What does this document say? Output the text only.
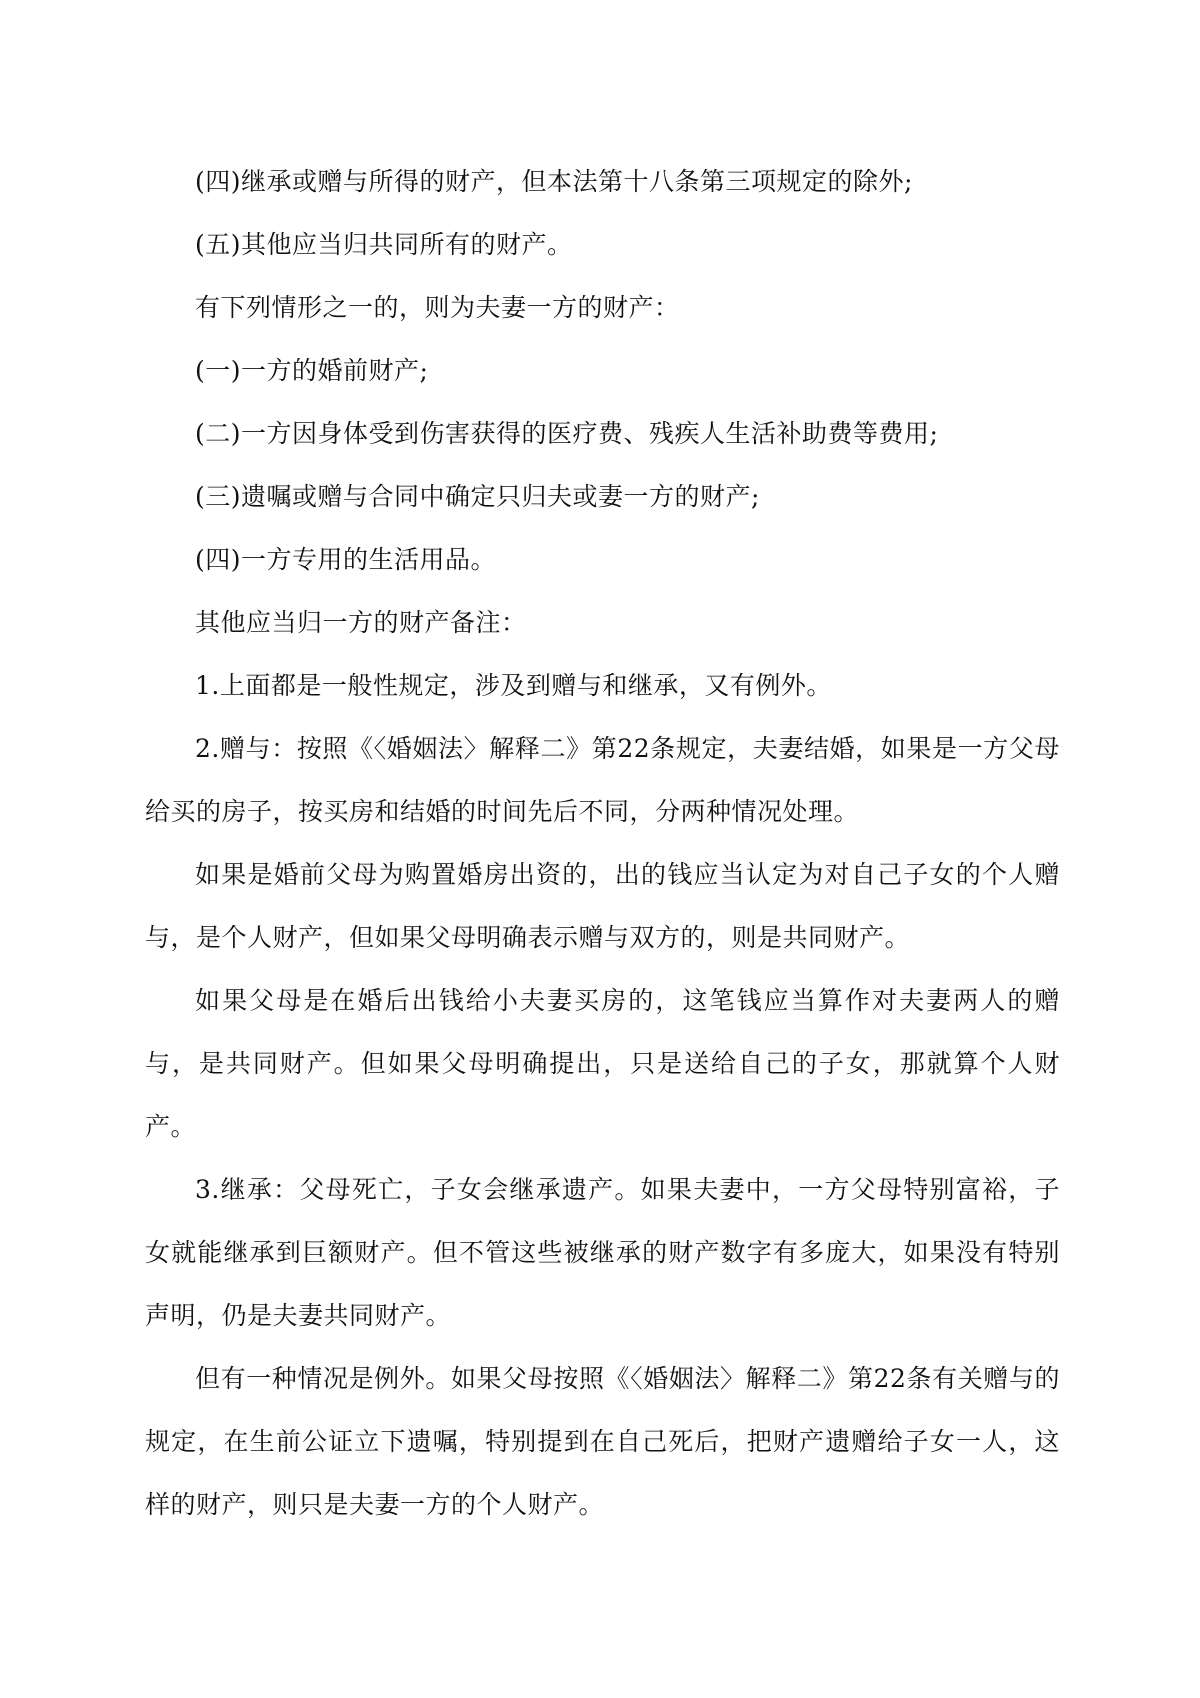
(四)继承或赠与所得的财产，但本法第十八条第三项规定的除外;

(五)其他应当归共同所有的财产。

有下列情形之一的，则为夫妻一方的财产：

(一)一方的婚前财产;

(二)一方因身体受到伤害获得的医疗费、残疾人生活补助费等费用;

(三)遗嘱或赠与合同中确定只归夫或妻一方的财产;

(四)一方专用的生活用品。

其他应当归一方的财产备注：

1.上面都是一般性规定，涉及到赠与和继承，又有例外。

2.赠与：按照《〈婚姻法〉解释二》第22条规定，夫妻结婚，如果是一方父母给买的房子，按买房和结婚的时间先后不同，分两种情况处理。

如果是婚前父母为购置婚房出资的，出的钱应当认定为对自己子女的个人赠与，是个人财产，但如果父母明确表示赠与双方的，则是共同财产。

如果父母是在婚后出钱给小夫妻买房的，这笔钱应当算作对夫妻两人的赠与，是共同财产。但如果父母明确提出，只是送给自己的子女，那就算个人财产。

3.继承：父母死亡，子女会继承遗产。如果夫妻中，一方父母特别富裕，子女就能继承到巨额财产。但不管这些被继承的财产数字有多庞大，如果没有特别声明，仍是夫妻共同财产。

但有一种情况是例外。如果父母按照《〈婚姻法〉解释二》第22条有关赠与的规定，在生前公证立下遗嘱，特别提到在自己死后，把财产遗赠给子女一人，这样的财产，则只是夫妻一方的个人财产。
